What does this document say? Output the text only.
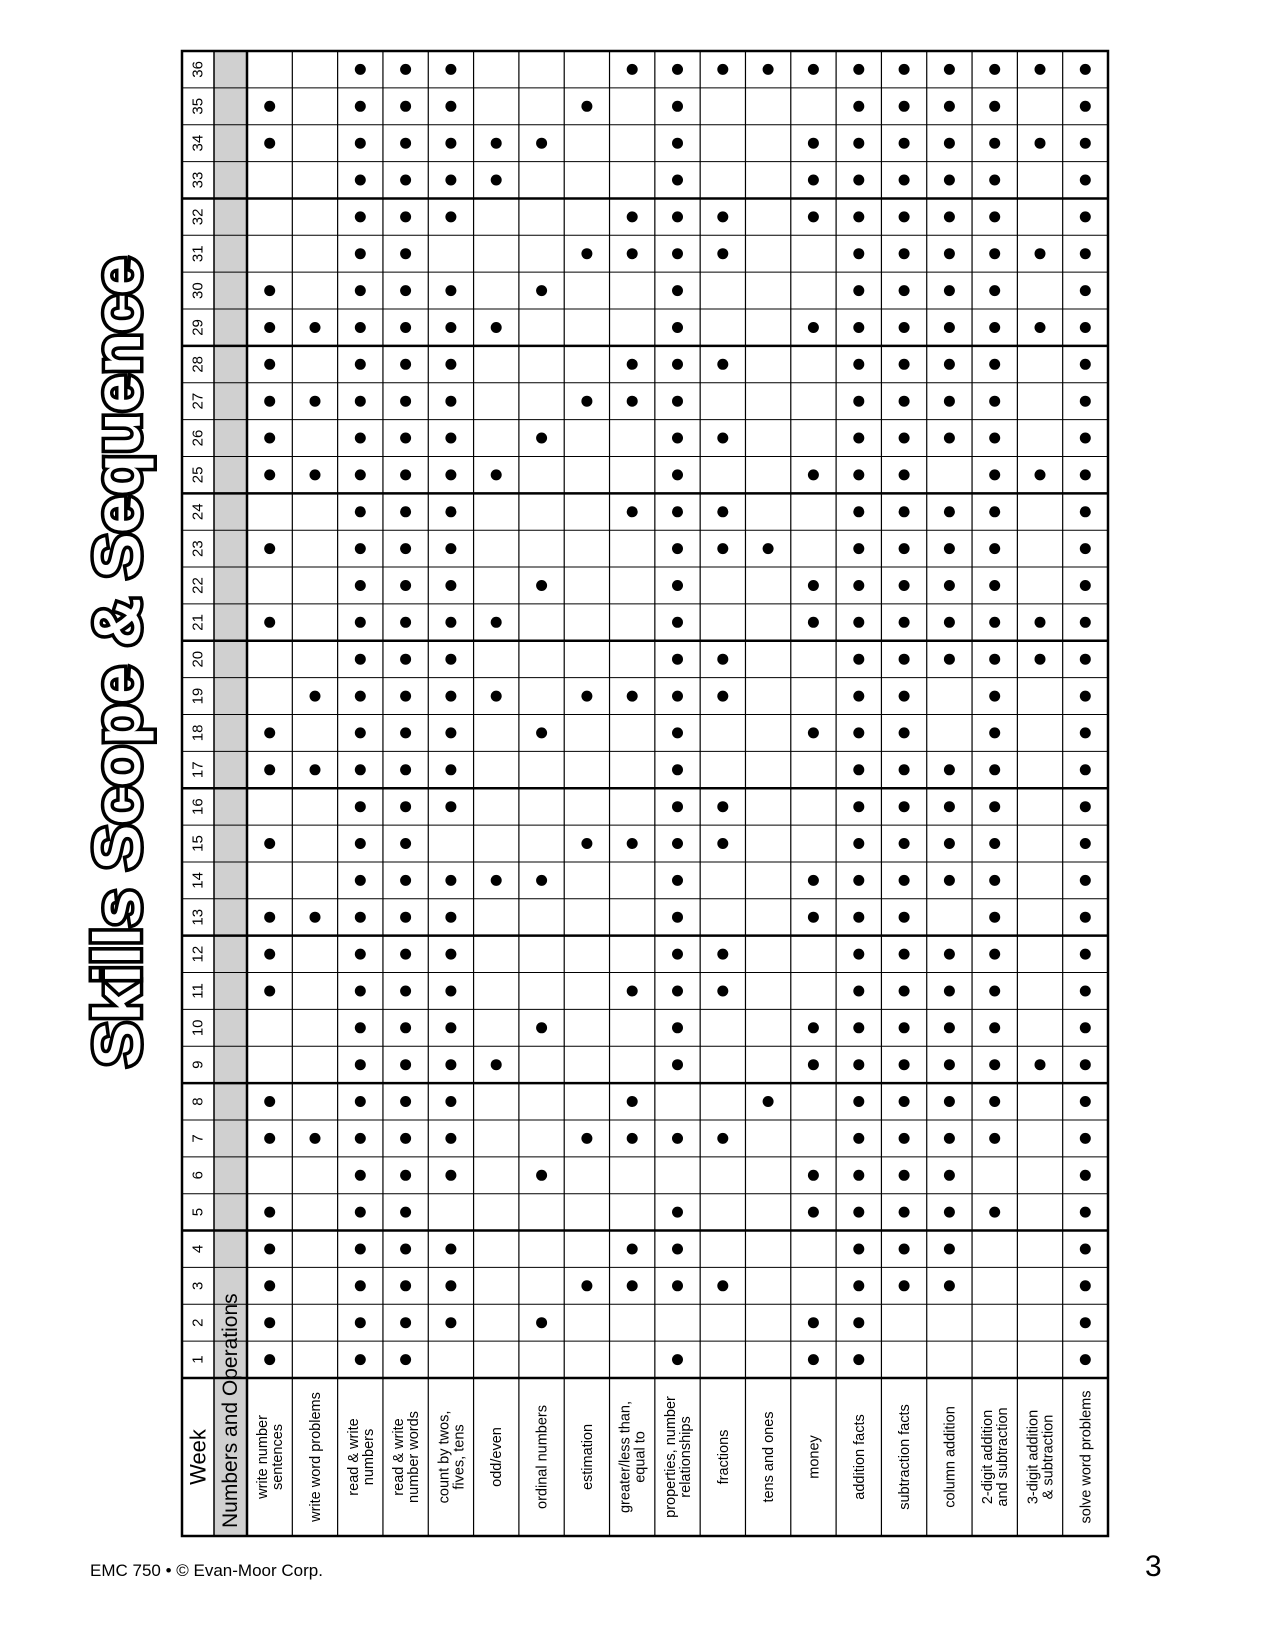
Skills Scope & Sequence
1
2
3
4
5
6
7
8
9
10
11
12
13
14
15
16
17
18
19
20
21
22
23
24
25
26
27
28
29
30
31
32
33
34
35
36
Week Numbers and Operations write numbersentences write word problems read & writenumbers read & writenumber words count by twos,fives, tens odd/even ordinal numbers estimation greater/less than,equal to properties, numberrelationships fractions tens and ones money addition facts subtraction facts column addition 2-digit additionand subtraction 3-digit addition& subtraction solve word problems
EMC 750 • © Evan-Moor Corp.	3
